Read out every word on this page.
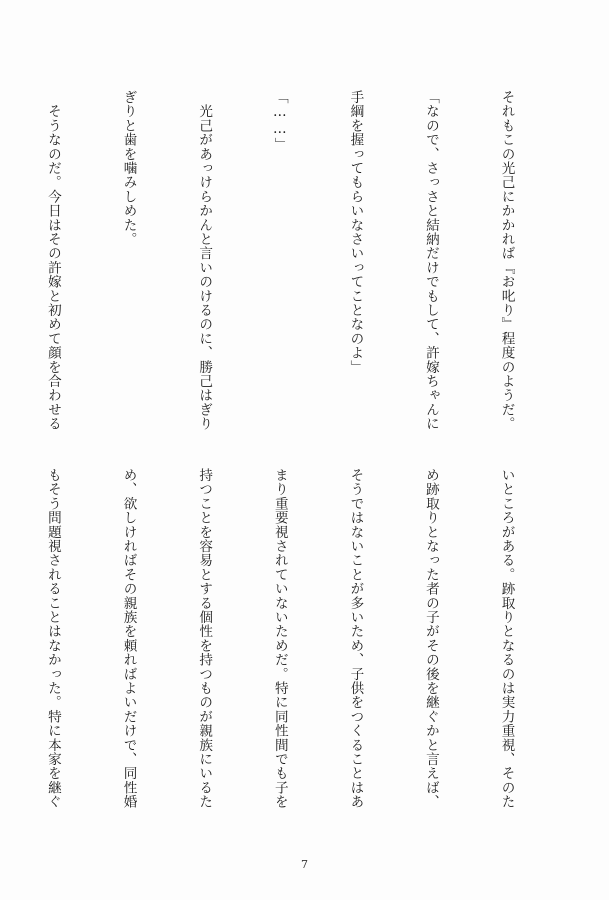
それもこの光己にかかれば『お叱り』程度のようだ。

「なので、さっさと結納だけでもして、許嫁ちゃんに

手綱を握ってもらいなさいってことなのよ」

「……」

　光己があっけらかんと言いのけるのに、勝己はぎり

ぎりと歯を噛みしめた。

　そうなのだ。今日はその許嫁と初めて顔を合わせる

いところがある。跡取りとなるのは実力重視、そのた

め跡取りとなった者の子がその後を継ぐかと言えば、

そうではないことが多いため、子供をつくることはあ

まり重要視されていないためだ。特に同性間でも子を

持つことを容易とする個性を持つものが親族にいるた

め、欲しければその親族を頼ればよいだけで、同性婚

もそう問題視されることはなかった。特に本家を継ぐ

7
